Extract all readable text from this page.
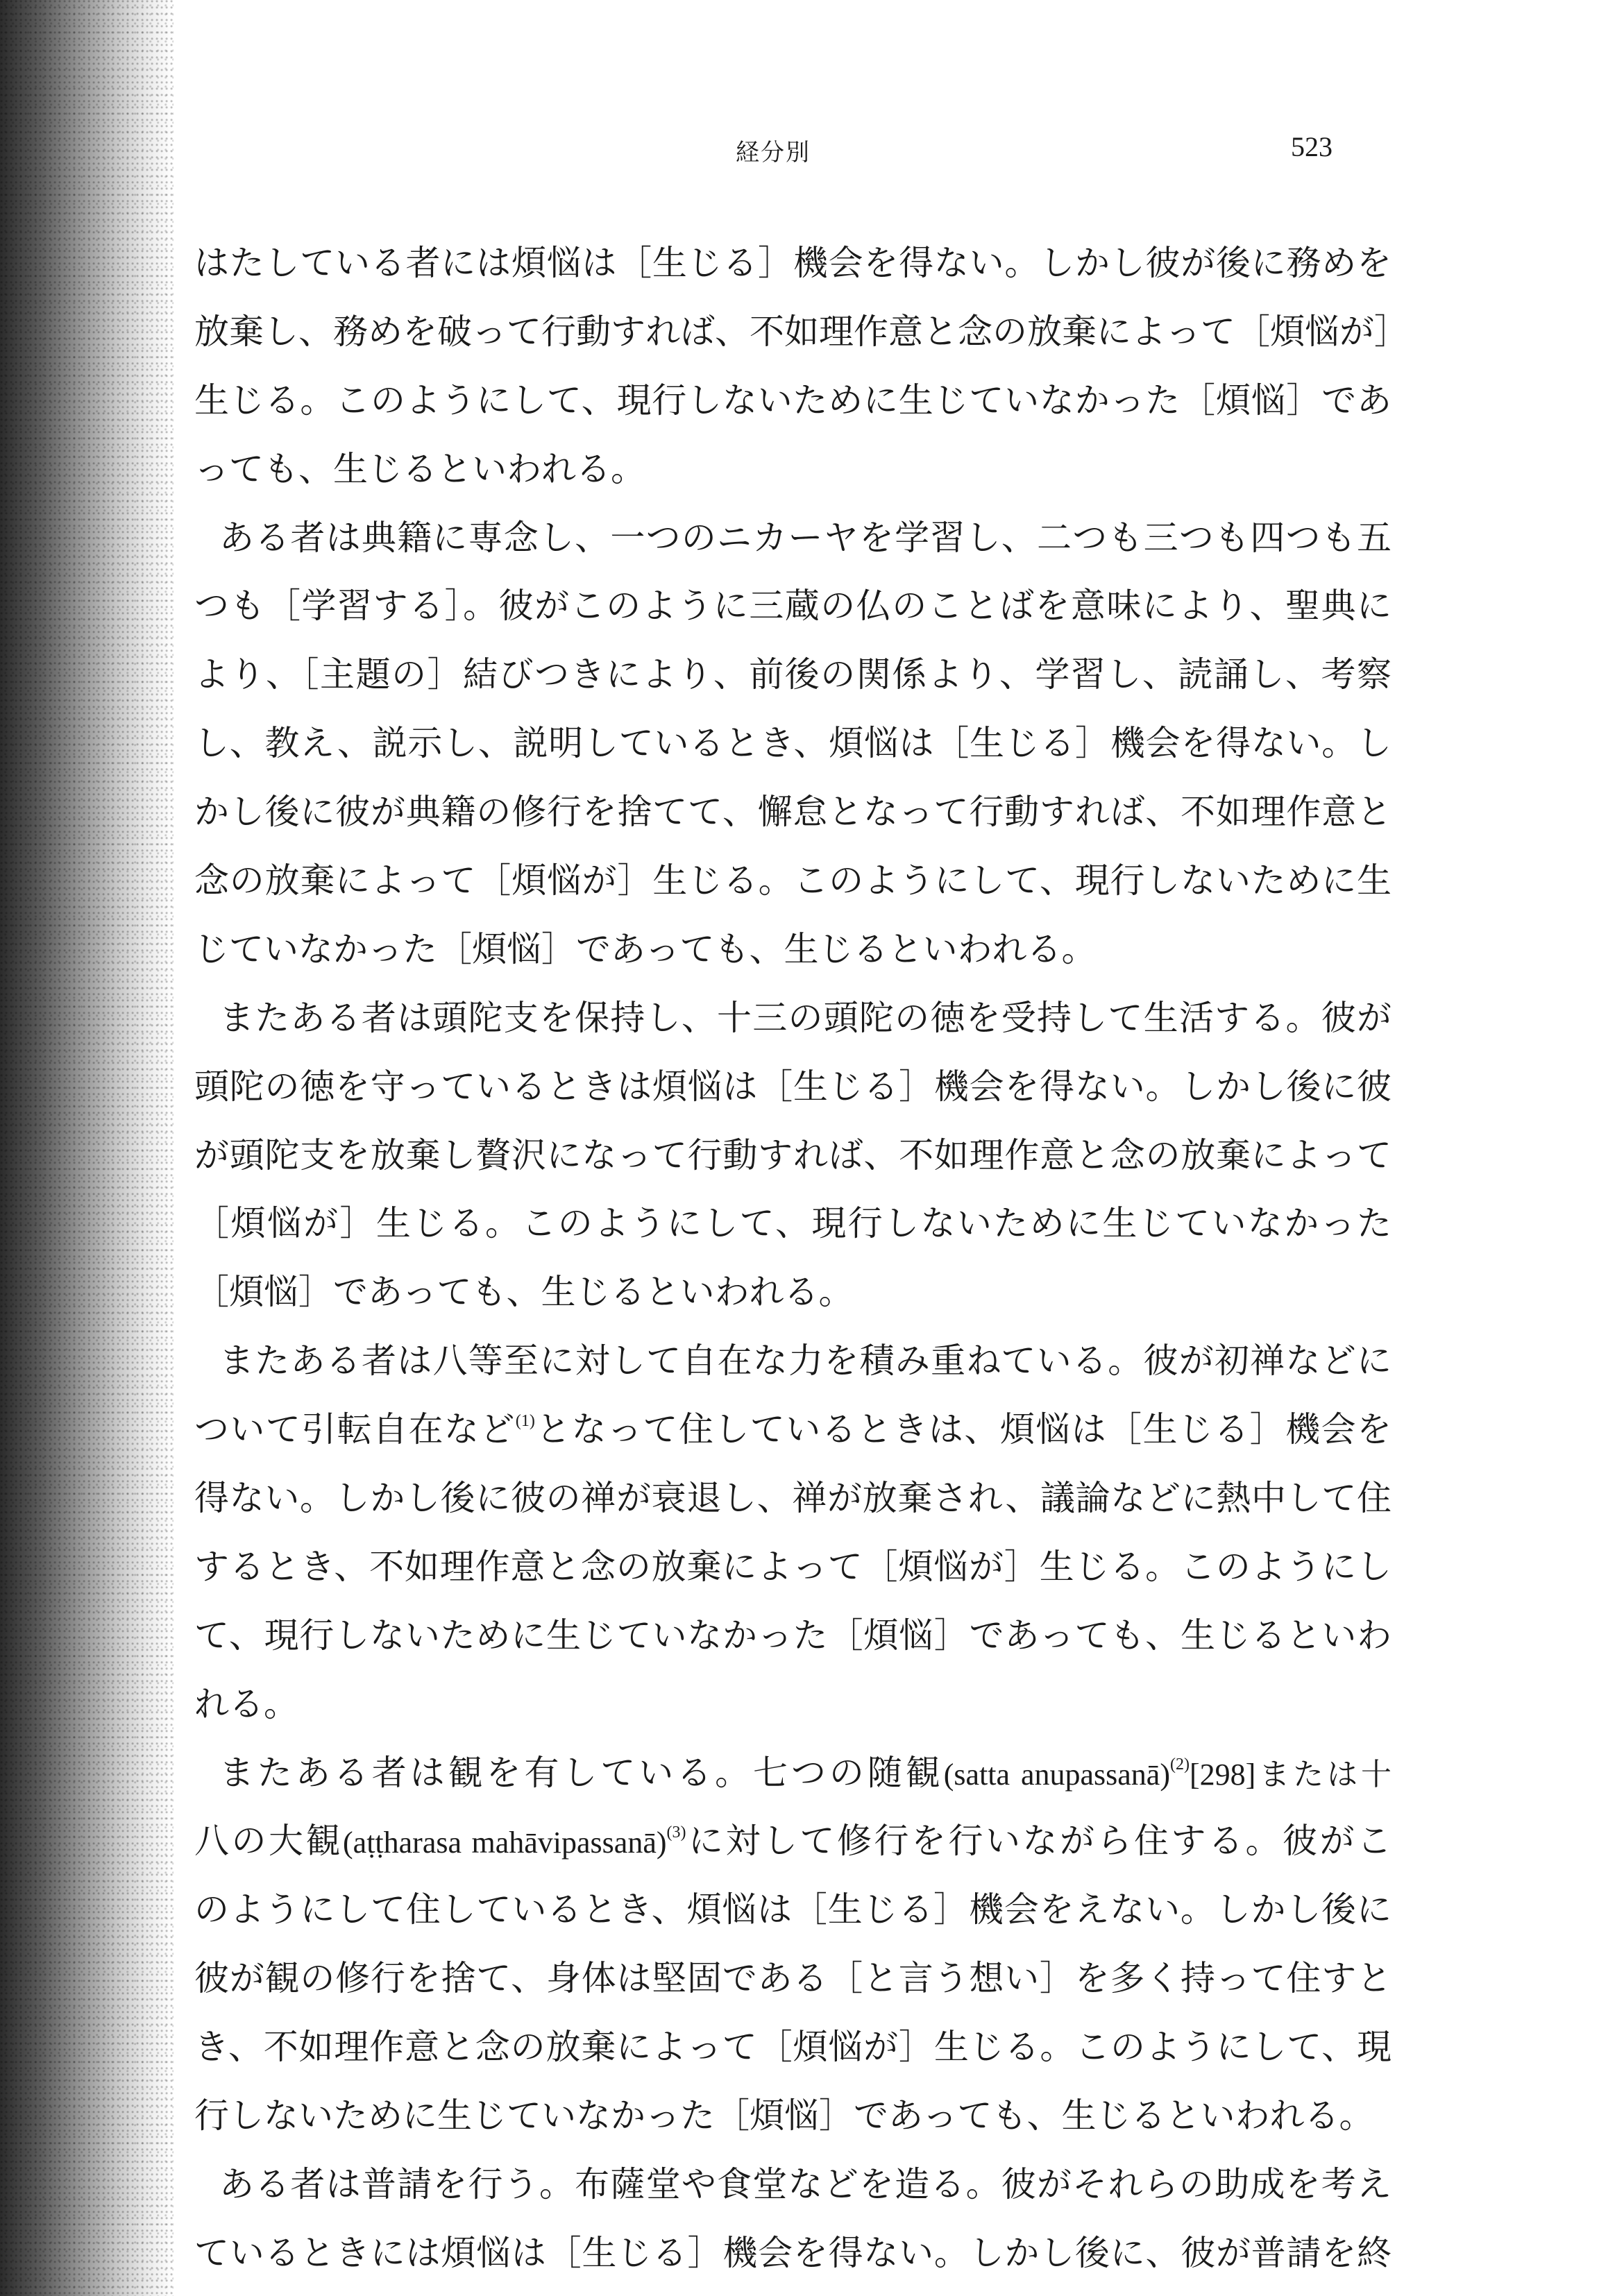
経分別	523
はたしている者には煩悩は［生じる］機会を得ない。しかし彼が後に務めを
放棄し、務めを破って行動すれば、不如理作意と念の放棄によって［煩悩が］
生じる。このようにして、現行しないために生じていなかった［煩悩］であ
っても、生じるといわれる。
ある者は典籍に専念し、一つのニカーヤを学習し、二つも三つも四つも五
つも［学習する］。彼がこのように三蔵の仏のことばを意味により、聖典に
より、［主題の］結びつきにより、前後の関係より、学習し、読誦し、考察
し、教え、説示し、説明しているとき、煩悩は［生じる］機会を得ない。し
かし後に彼が典籍の修行を捨てて、懈怠となって行動すれば、不如理作意と
念の放棄によって［煩悩が］生じる。このようにして、現行しないために生
じていなかった［煩悩］であっても、生じるといわれる。
またある者は頭陀支を保持し、十三の頭陀の徳を受持して生活する。彼が
頭陀の徳を守っているときは煩悩は［生じる］機会を得ない。しかし後に彼
が頭陀支を放棄し贅沢になって行動すれば、不如理作意と念の放棄によって
［煩悩が］生じる。このようにして、現行しないために生じていなかった
［煩悩］であっても、生じるといわれる。
またある者は八等至に対して自在な力を積み重ねている。彼が初禅などに
ついて引転自在など$^{(1)}$となって住しているときは、煩悩は［生じる］機会を
得ない。しかし後に彼の禅が衰退し、禅が放棄され、議論などに熱中して住
するとき、不如理作意と念の放棄によって［煩悩が］生じる。このようにし
て、現行しないために生じていなかった［煩悩］であっても、生じるといわ
れる。
またある者は観を有している。七つの随観(satta anupassanā)$^{(2)}$[298]または十
八の大観(aṭṭharasa mahāvipassanā)$^{(3)}$に対して修行を行いながら住する。彼がこ
のようにして住しているとき、煩悩は［生じる］機会をえない。しかし後に
彼が観の修行を捨て、身体は堅固である［と言う想い］を多く持って住すと
き、不如理作意と念の放棄によって［煩悩が］生じる。このようにして、現
行しないために生じていなかった［煩悩］であっても、生じるといわれる。
ある者は普請を行う。布薩堂や食堂などを造る。彼がそれらの助成を考え
ているときには煩悩は［生じる］機会を得ない。しかし後に、彼が普請を終
